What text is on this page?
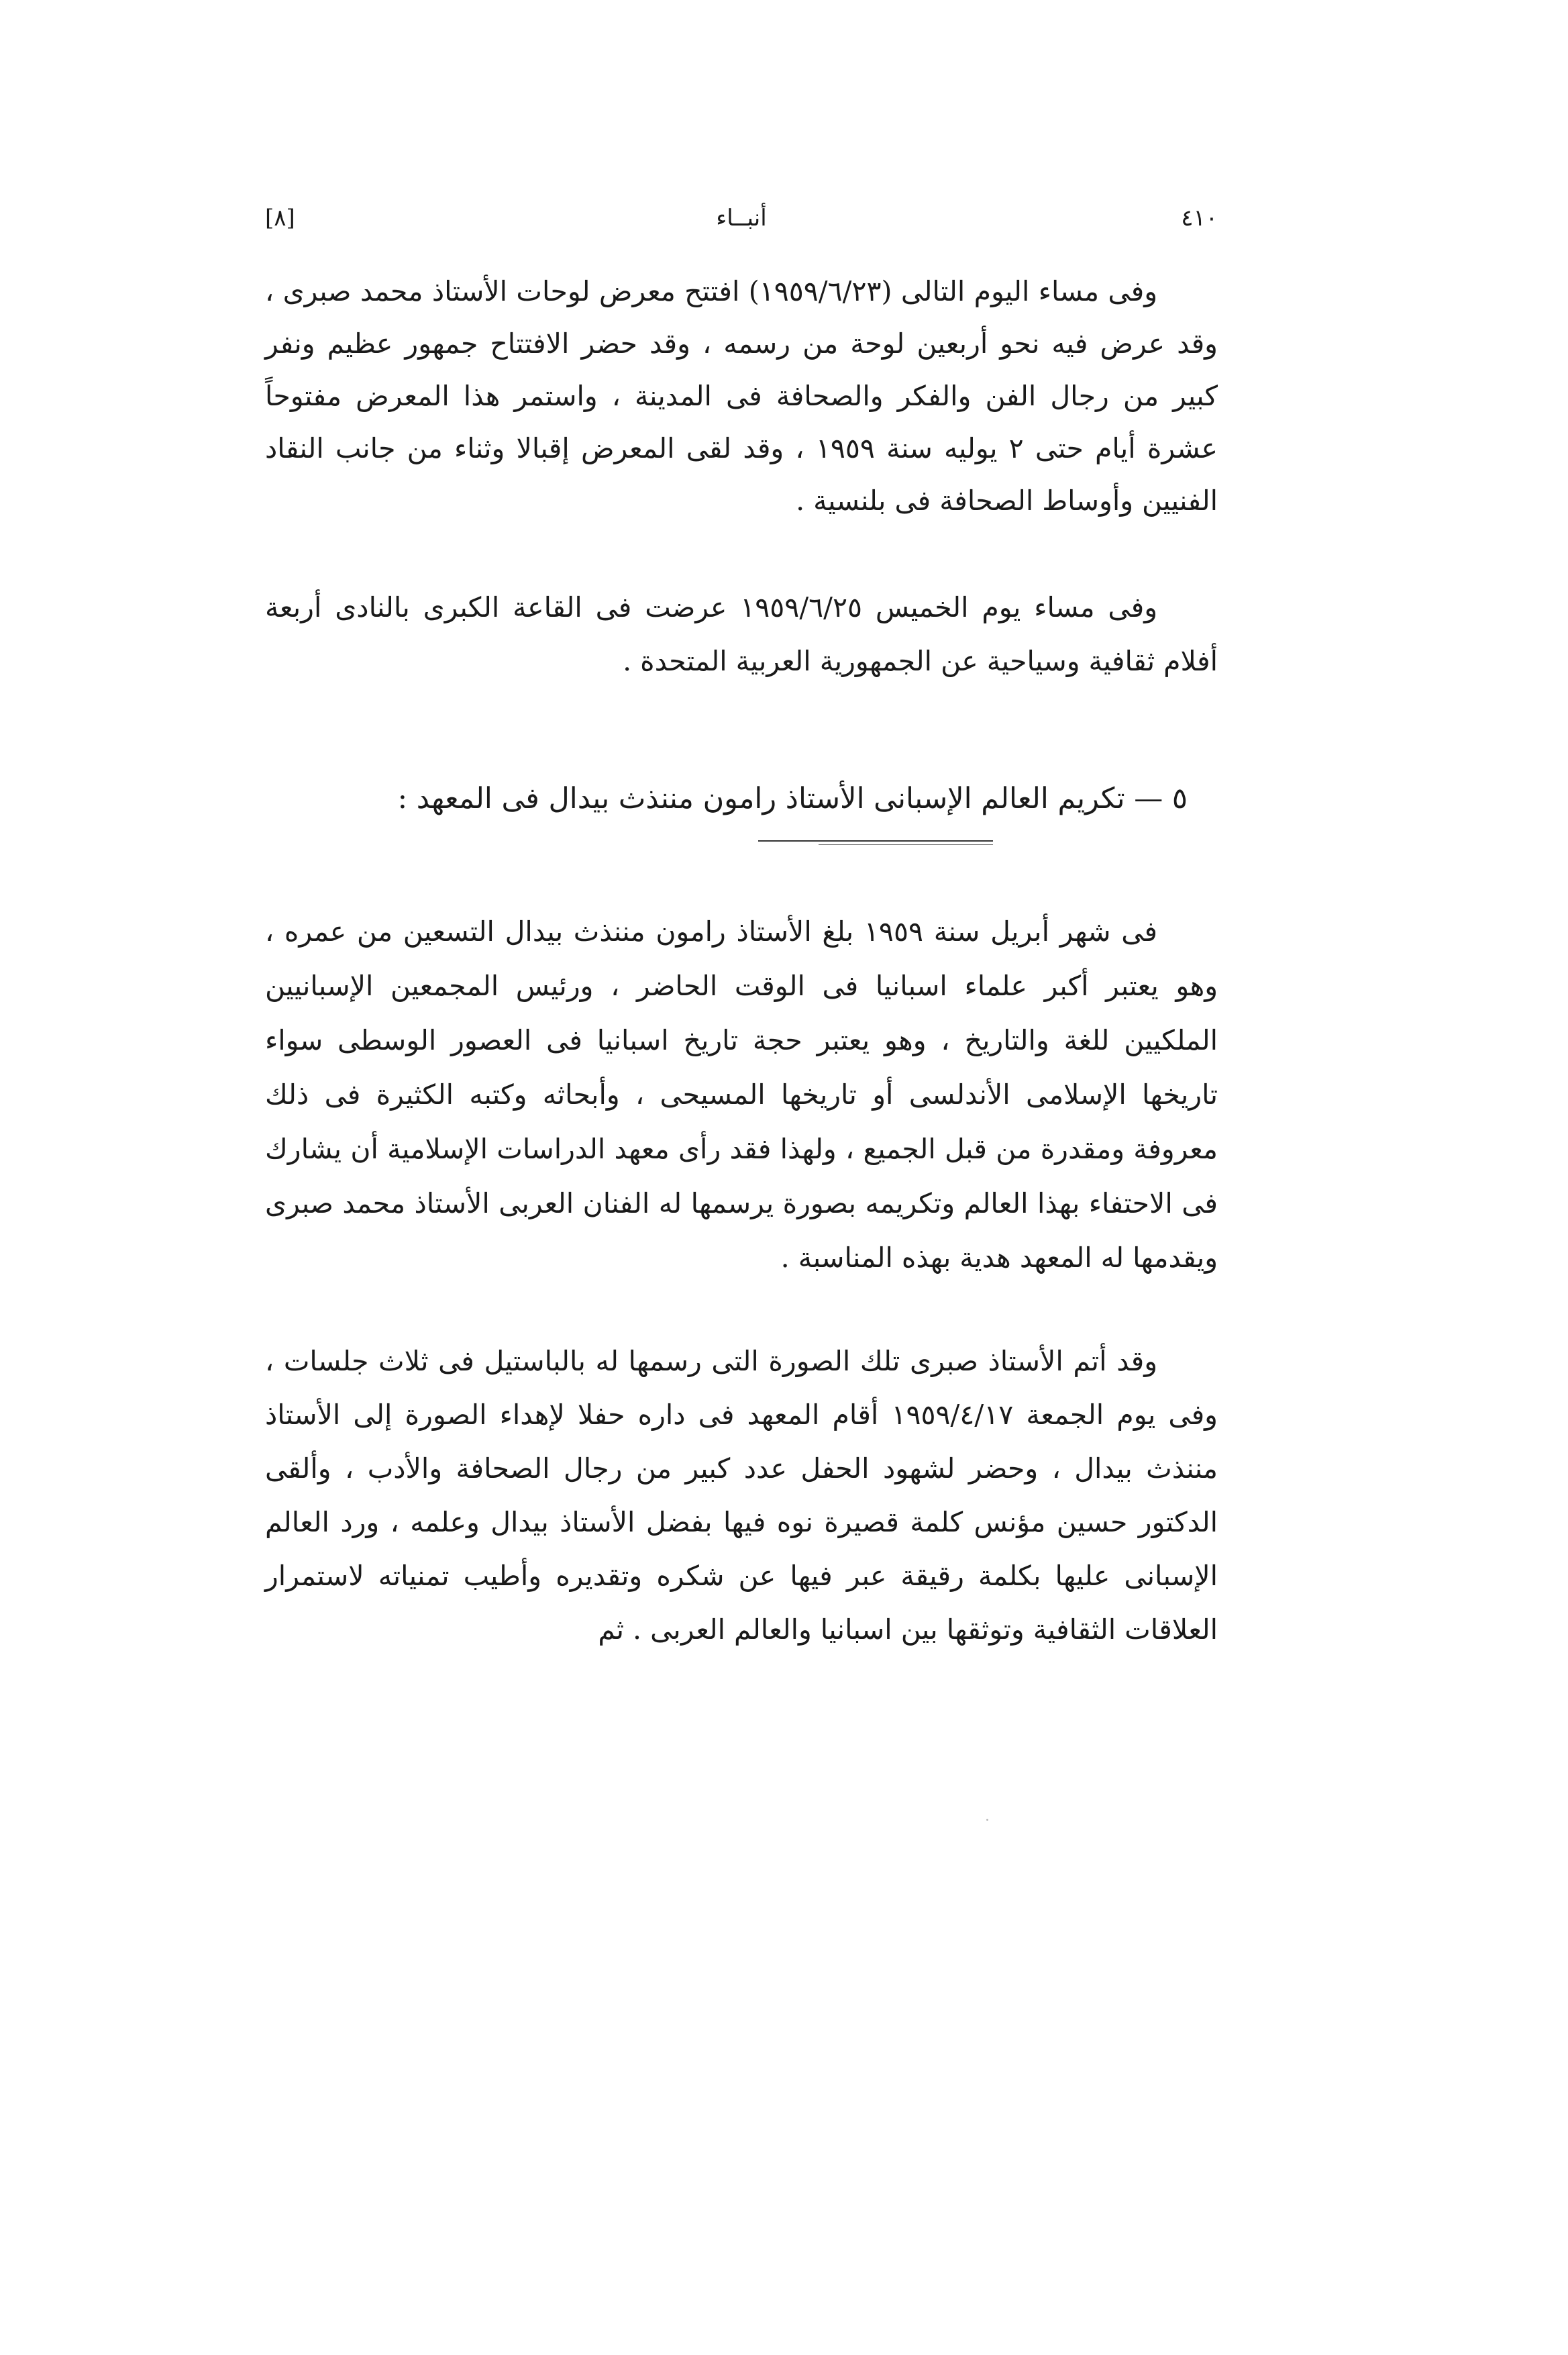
[٨]	أنبــاء	٤١٠

وفى مساء اليوم التالى (١٩٥٩/٦/٢٣) افتتح معرض لوحات الأستاذ محمد صبرى ، وقد عرض فيه نحو أربعين لوحة من رسمه ، وقد حضر الافتتاح جمهور عظيم ونفر كبير من رجال الفن والفكر والصحافة فى المدينة ، واستمر هذا المعرض مفتوحاً عشرة أيام حتى ٢ يوليه سنة ١٩٥٩ ، وقد لقى المعرض إقبالا وثناء من جانب النقاد الفنيين وأوساط الصحافة فى بلنسية .

وفى مساء يوم الخميس ١٩٥٩/٦/٢٥ عرضت فى القاعة الكبرى بالنادى أربعة أفلام ثقافية وسياحية عن الجمهورية العربية المتحدة .

٥ — تكريم العالم الإسبانى الأستاذ رامون مننذث بيدال فى المعهد :

فى شهر أبريل سنة ١٩٥٩ بلغ الأستاذ رامون مننذث بيدال التسعين من عمره ، وهو يعتبر أكبر علماء اسبانيا فى الوقت الحاضر ، ورئيس المجمعين الإسبانيين الملكيين للغة والتاريخ ، وهو يعتبر حجة تاريخ اسبانيا فى العصور الوسطى سواء تاريخها الإسلامى الأندلسى أو تاريخها المسيحى ، وأبحاثه وكتبه الكثيرة فى ذلك معروفة ومقدرة من قبل الجميع ، ولهذا فقد رأى معهد الدراسات الإسلامية أن يشارك فى الاحتفاء بهذا العالم وتكريمه بصورة يرسمها له الفنان العربى الأستاذ محمد صبرى ويقدمها له المعهد هدية بهذه المناسبة .

وقد أتم الأستاذ صبرى تلك الصورة التى رسمها له بالباستيل فى ثلاث جلسات ، وفى يوم الجمعة ١٩٥٩/٤/١٧ أقام المعهد فى داره حفلا لإهداء الصورة إلى الأستاذ مننذث بيدال ، وحضر لشهود الحفل عدد كبير من رجال الصحافة والأدب ، وألقى الدكتور حسين مؤنس كلمة قصيرة نوه فيها بفضل الأستاذ بيدال وعلمه ، ورد العالم الإسبانى عليها بكلمة رقيقة عبر فيها عن شكره وتقديره وأطيب تمنياته لاستمرار العلاقات الثقافية وتوثقها بين اسبانيا والعالم العربى . ثم
